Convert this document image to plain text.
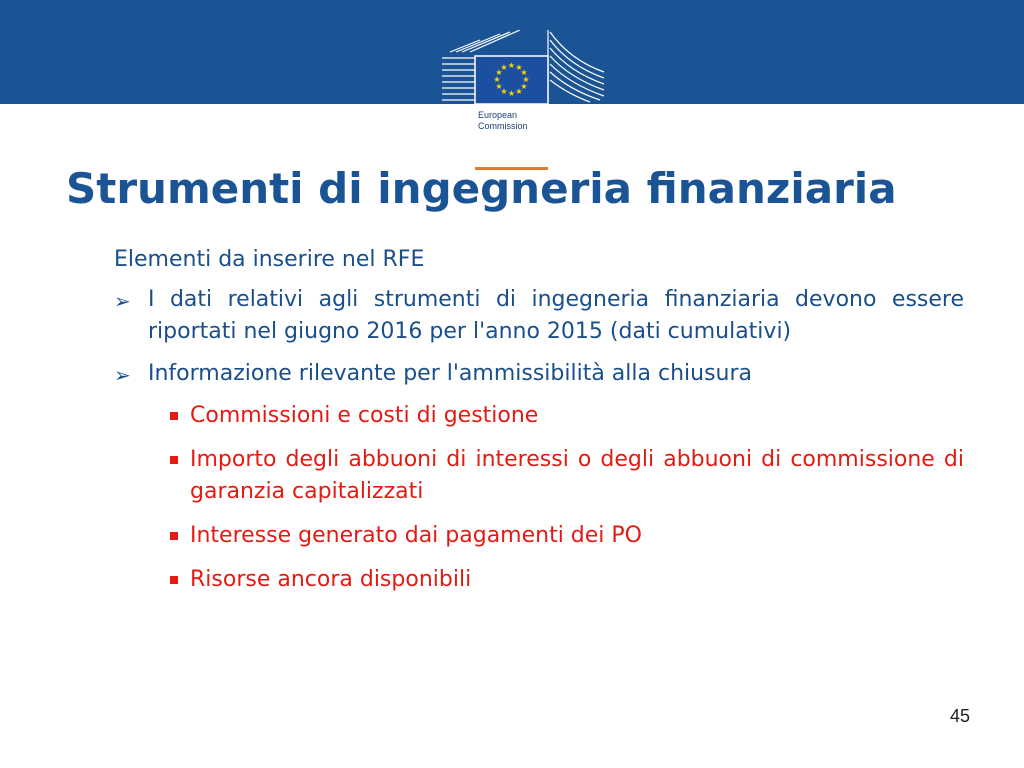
★ ★
★
★
★
★
★
★
★
★
★
★
European
Commission
Strumenti di ingegneria finanziaria

Elementi da inserire nel RFE

➢ I dati relativi agli strumenti di ingegneria finanziaria devono essere riportati nel giugno 2016 per l'anno 2015 (dati cumulativi)
➢ Informazione rilevante per l'ammissibilità alla chiusura
Commissioni e costi di gestione
Importo degli abbuoni di interessi o degli abbuoni di commissione di garanzia capitalizzati
Interesse generato dai pagamenti dei PO
Risorse ancora disponibili
45
